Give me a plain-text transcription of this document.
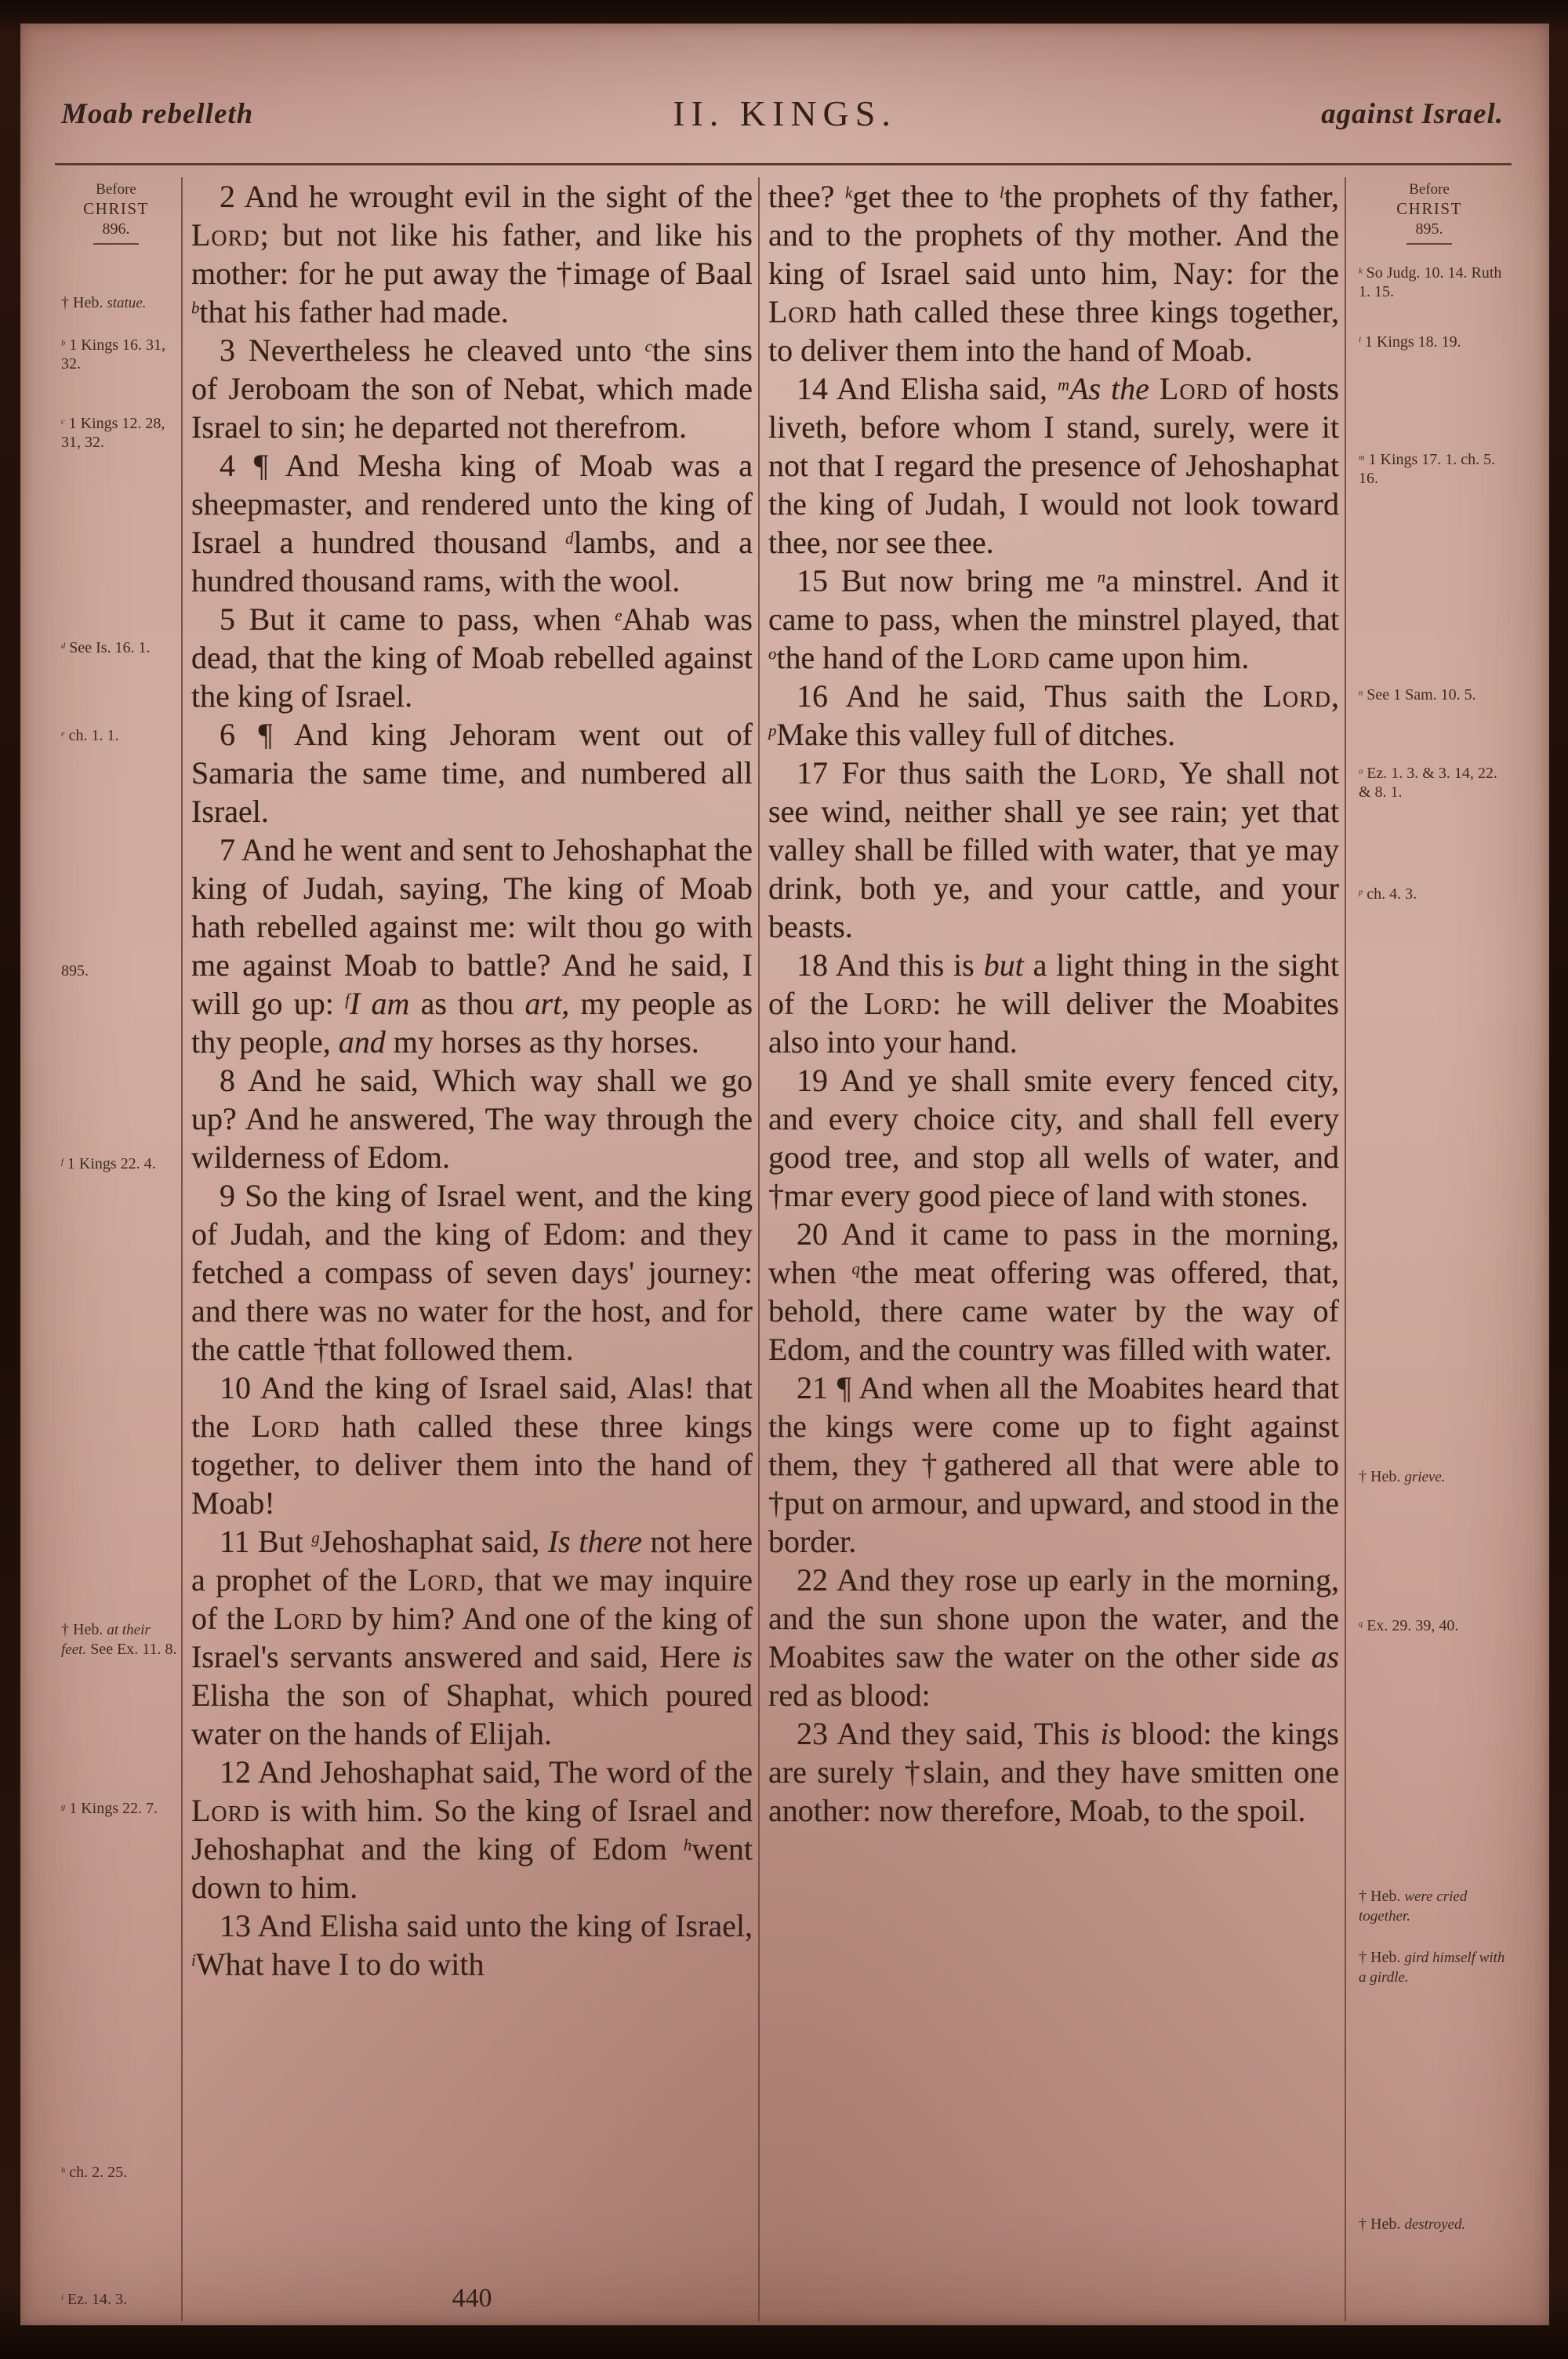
Moab rebelleth	II. KINGS.	against Israel.
Before
CHRIST
896.
† Heb. statue.
$^b$ 1 Kings 16. 31, 32.
$^c$ 1 Kings 12. 28, 31, 32.
$^d$ See Is. 16. 1.
$^e$ ch. 1. 1.
895.
$^f$ 1 Kings 22. 4.
† Heb. at their feet. See Ex. 11. 8.
$^g$ 1 Kings 22. 7.
$^h$ ch. 2. 25.
$^i$ Ez. 14. 3.

2 And he wrought evil in the sight of the Lord; but not like his father, and like his mother: for he put away the †image of Baal $^b$that his father had made.

3 Nevertheless he cleaved unto $^c$the sins of Jeroboam the son of Nebat, which made Israel to sin; he departed not therefrom.

4 ¶ And Mesha king of Moab was a sheepmaster, and rendered unto the king of Israel a hundred thousand $^d$lambs, and a hundred thousand rams, with the wool.

5 But it came to pass, when $^e$Ahab was dead, that the king of Moab rebelled against the king of Israel.

6 ¶ And king Jehoram went out of Samaria the same time, and numbered all Israel.

7 And he went and sent to Jehoshaphat the king of Judah, saying, The king of Moab hath rebelled against me: wilt thou go with me against Moab to battle? And he said, I will go up: $^f$I am as thou art, my people as thy people, and my horses as thy horses.

8 And he said, Which way shall we go up? And he answered, The way through the wilderness of Edom.

9 So the king of Israel went, and the king of Judah, and the king of Edom: and they fetched a compass of seven days' journey: and there was no water for the host, and for the cattle †that followed them.

10 And the king of Israel said, Alas! that the Lord hath called these three kings together, to deliver them into the hand of Moab!

11 But $^g$Jehoshaphat said, Is there not here a prophet of the Lord, that we may inquire of the Lord by him? And one of the king of Israel's servants answered and said, Here is Elisha the son of Shaphat, which poured water on the hands of Elijah.

12 And Jehoshaphat said, The word of the Lord is with him. So the king of Israel and Jehoshaphat and the king of Edom $^h$went down to him.

13 And Elisha said unto the king of Israel, $^i$What have I to do with

thee? $^k$get thee to $^l$the prophets of thy father, and to the prophets of thy mother. And the king of Israel said unto him, Nay: for the Lord hath called these three kings together, to deliver them into the hand of Moab.

14 And Elisha said, $^m$As the Lord of hosts liveth, before whom I stand, surely, were it not that I regard the presence of Jehoshaphat the king of Judah, I would not look toward thee, nor see thee.

15 But now bring me $^n$a minstrel. And it came to pass, when the minstrel played, that $^o$the hand of the Lord came upon him.

16 And he said, Thus saith the Lord, $^p$Make this valley full of ditches.

17 For thus saith the Lord, Ye shall not see wind, neither shall ye see rain; yet that valley shall be filled with water, that ye may drink, both ye, and your cattle, and your beasts.

18 And this is but a light thing in the sight of the Lord: he will deliver the Moabites also into your hand.

19 And ye shall smite every fenced city, and every choice city, and shall fell every good tree, and stop all wells of water, and †mar every good piece of land with stones.

20 And it came to pass in the morning, when $^q$the meat offering was offered, that, behold, there came water by the way of Edom, and the country was filled with water.

21 ¶ And when all the Moabites heard that the kings were come up to fight against them, they †gathered all that were able to †put on armour, and upward, and stood in the border.

22 And they rose up early in the morning, and the sun shone upon the water, and the Moabites saw the water on the other side as red as blood:

23 And they said, This is blood: the kings are surely †slain, and they have smitten one another: now therefore, Moab, to the spoil.

Before
CHRIST
895.
$^k$ So Judg. 10. 14. Ruth 1. 15.
$^l$ 1 Kings 18. 19.
$^m$ 1 Kings 17. 1. ch. 5. 16.
$^n$ See 1 Sam. 10. 5.
$^o$ Ez. 1. 3. & 3. 14, 22. & 8. 1.
$^p$ ch. 4. 3.
† Heb. grieve.
$^q$ Ex. 29. 39, 40.
† Heb. were cried together.
† Heb. gird himself with a girdle.
† Heb. destroyed.
440
